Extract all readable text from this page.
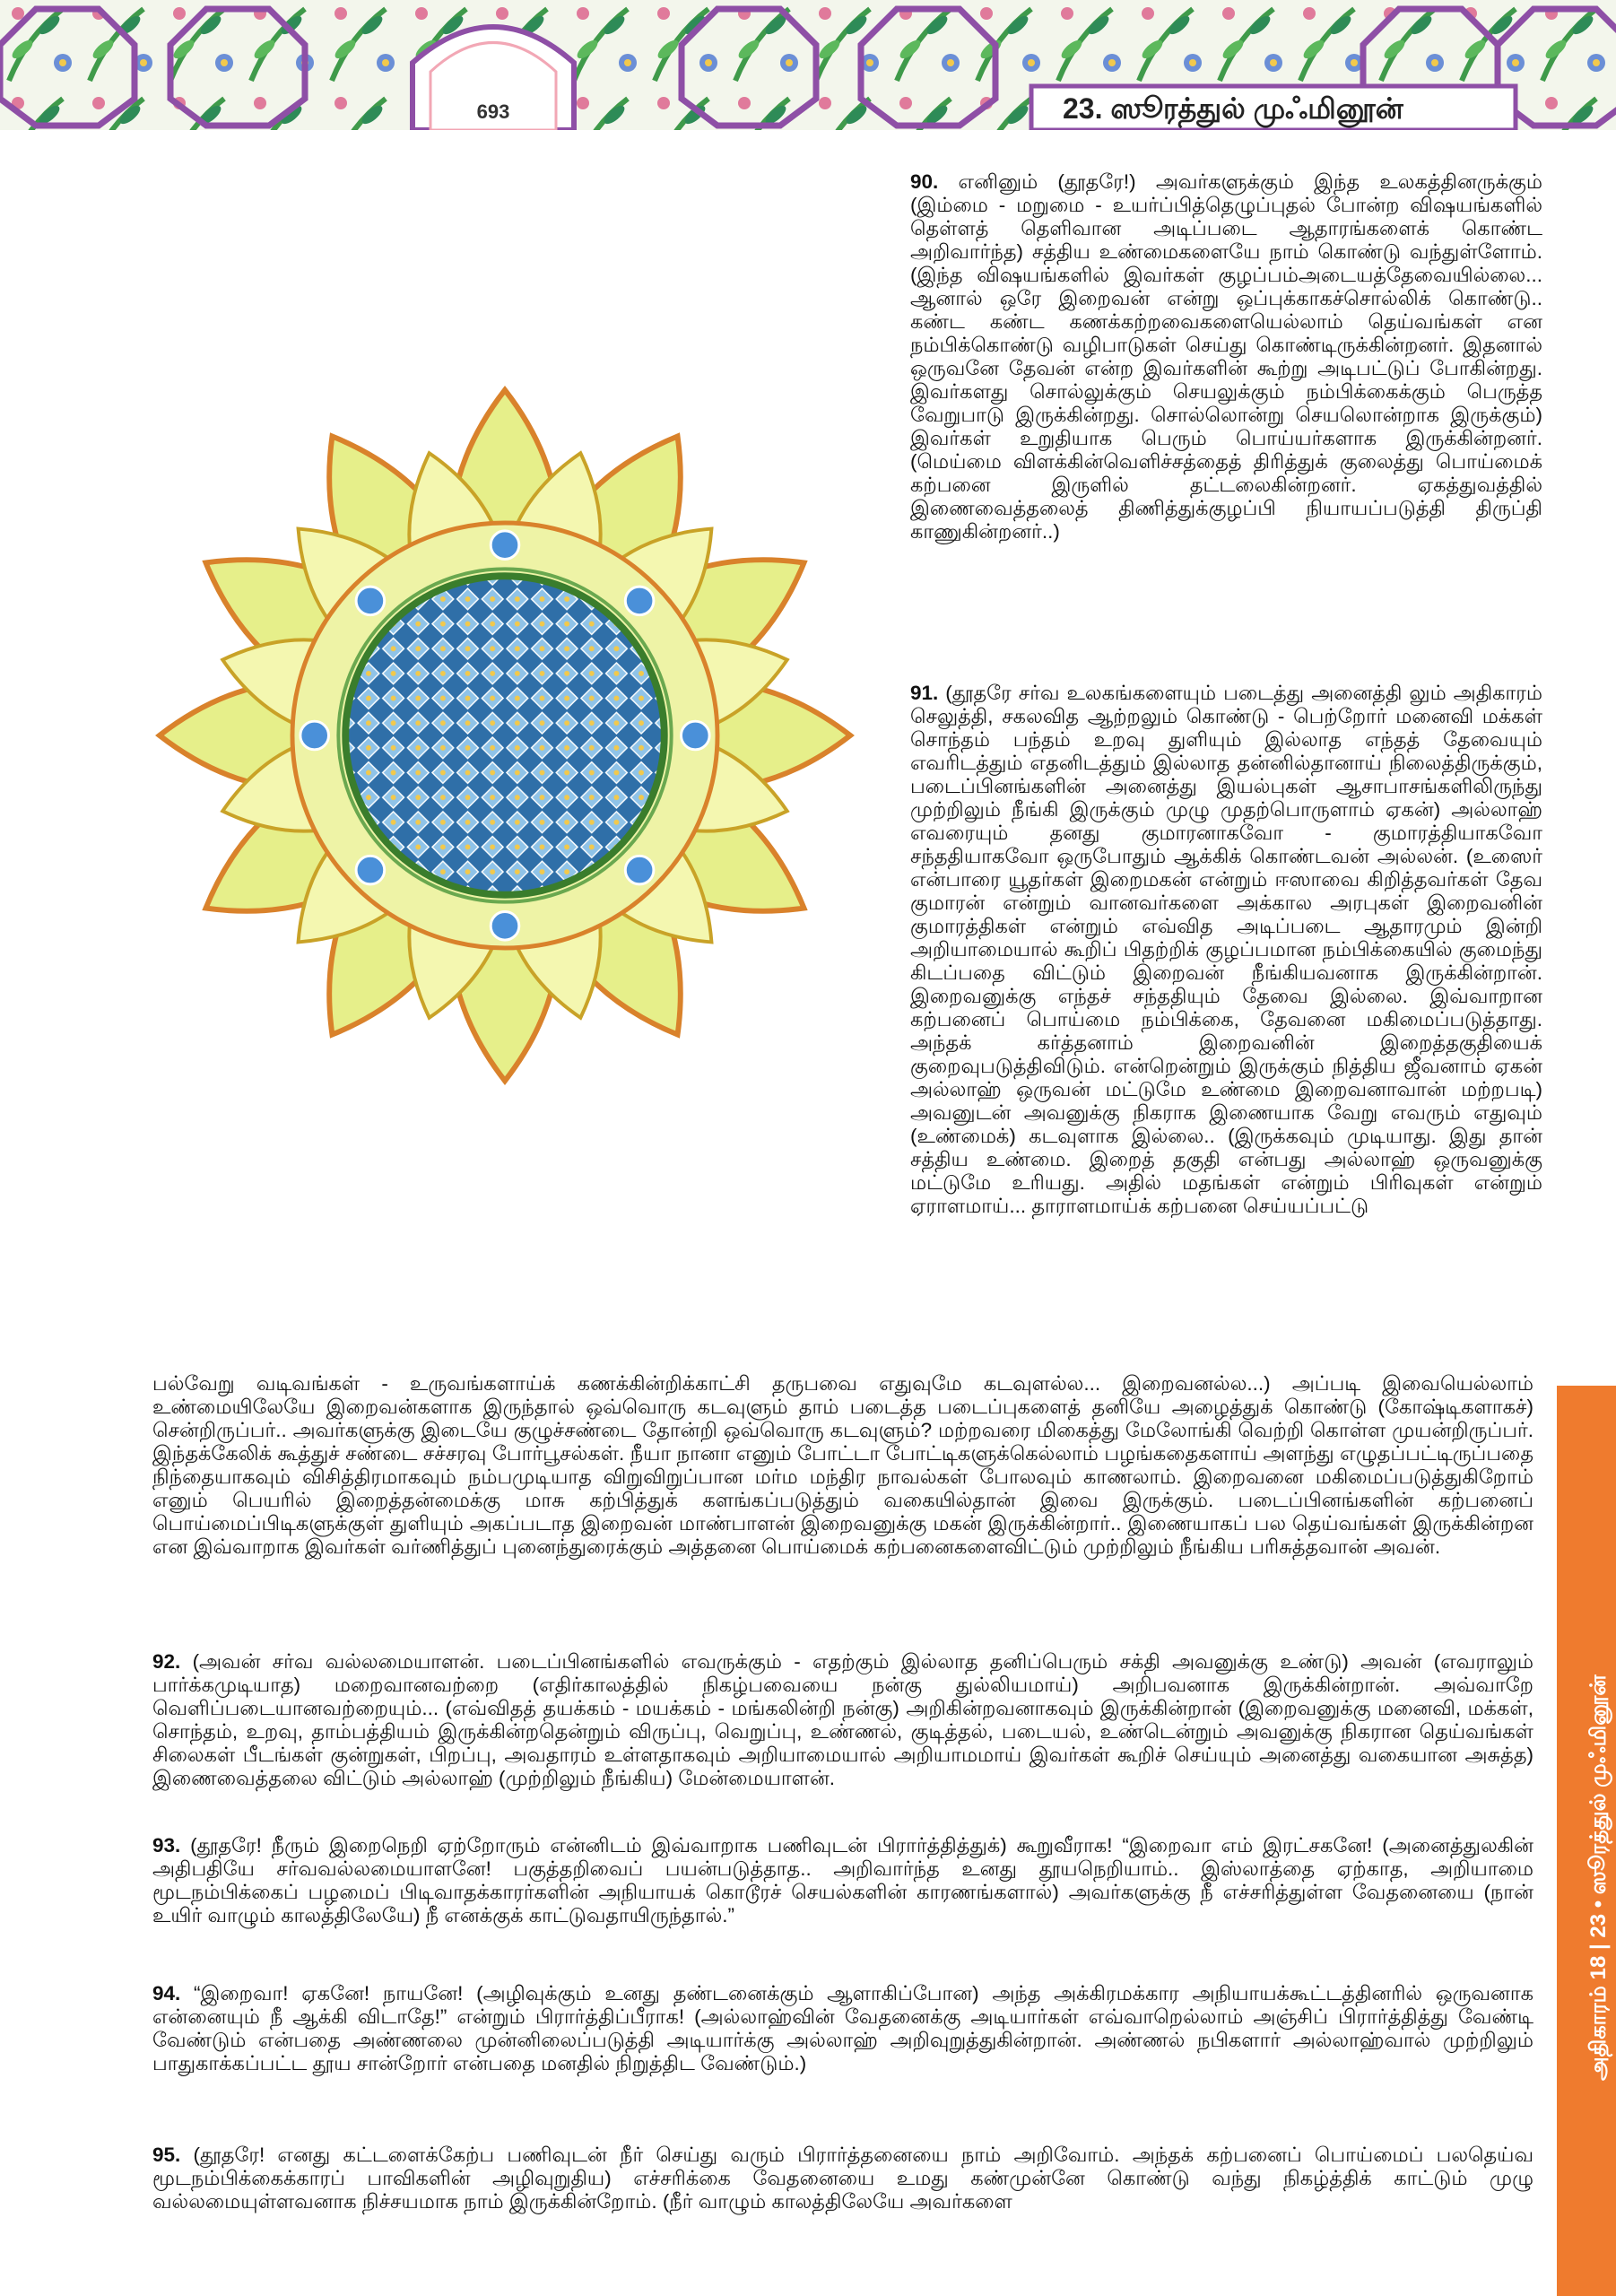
693	23. ஸூரத்துல் முஃமினூன்
அதிகாரம் 18 | 23 • ஸூரத்துல் முஃமினூன்

90. எனினும் (தூதரே!) அவர்களுக்கும் இந்த உலகத்தினருக்கும் (இம்மை - மறுமை - உயர்ப்பித்தெழுப்புதல் போன்ற விஷயங்களில் தெள்ளத் தெளிவான அடிப்படை ஆதாரங்களைக் கொண்ட அறிவார்ந்த) சத்திய உண்மைகளையே நாம் கொண்டு வந்துள்ளோம். (இந்த விஷயங்களில் இவர்கள் குழப்பம்அடையத்தேவையில்லை... ஆனால் ஒரே இறைவன் என்று ஒப்புக்காகச்சொல்லிக் கொண்டு.. கண்ட கண்ட கணக்கற்றவைகளையெல்லாம் தெய்வங்கள் என நம்பிக்கொண்டு வழிபாடுகள் செய்து கொண்டிருக்கின்றனர். இதனால் ஒருவனே தேவன் என்ற இவர்களின் கூற்று அடிபட்டுப் போகின்றது. இவர்களது சொல்லுக்கும் செயலுக்கும் நம்பிக்கைக்கும் பெருத்த வேறுபாடு இருக்கின்றது. சொல்லொன்று செயலொன்றாக இருக்கும்) இவர்கள் உறுதியாக பெரும் பொய்யர்களாக இருக்கின்றனர். (மெய்மை விளக்கின்வெளிச்சத்தைத் திரித்துக் குலைத்து பொய்மைக் கற்பனை இருளில் தட்டலைகின்றனர். ஏகத்துவத்தில் இணைவைத்தலைத் திணித்துக்குழப்பி நியாயப்படுத்தி திருப்தி காணுகின்றனர்..)

91. (தூதரே சர்வ உலகங்களையும் படைத்து அனைத்தி லும் அதிகாரம் செலுத்தி, சகலவித ஆற்றலும் கொண்டு - பெற்றோர் மனைவி மக்கள் சொந்தம் பந்தம் உறவு துளியும் இல்லாத எந்தத் தேவையும் எவரிடத்தும் எதனிடத்தும் இல்லாத தன்னில்தானாய் நிலைத்திருக்கும், படைப்பினங்களின் அனைத்து இயல்புகள் ஆசாபாசங்களிலிருந்து முற்றிலும் நீங்கி இருக்கும் முழு முதற்பொருளாம் ஏகன்) அல்லாஹ் எவரையும் தனது குமாரனாகவோ - குமாரத்தியாகவோ சந்ததியாகவோ ஒருபோதும் ஆக்கிக் கொண்டவன் அல்லன். (உஸைர் என்பாரை யூதர்கள் இறைமகன் என்றும் ஈஸாவை கிறித்தவர்கள் தேவ குமாரன் என்றும் வானவர்களை அக்கால அரபுகள் இறைவனின் குமாரத்திகள் என்றும் எவ்வித அடிப்படை ஆதாரமும் இன்றி அறியாமையால் கூறிப் பிதற்றிக் குழப்பமான நம்பிக்கையில் குமைந்து கிடப்பதை விட்டும் இறைவன் நீங்கியவனாக இருக்கின்றான். இறைவனுக்கு எந்தச் சந்ததியும் தேவை இல்லை. இவ்வாறான கற்பனைப் பொய்மை நம்பிக்கை, தேவனை மகிமைப்படுத்தாது. அந்தக் கர்த்தனாம் இறைவனின் இறைத்தகுதியைக் குறைவுபடுத்திவிடும். என்றென்றும் இருக்கும் நித்திய ஜீவனாம் ஏகன் அல்லாஹ் ஒருவன் மட்டுமே உண்மை இறைவனாவான் மற்றபடி) அவனுடன் அவனுக்கு நிகராக இணையாக வேறு எவரும் எதுவும் (உண்மைக்) கடவுளாக இல்லை.. (இருக்கவும் முடியாது. இது தான் சத்திய உண்மை. இறைத் தகுதி என்பது அல்லாஹ் ஒருவனுக்கு மட்டுமே உரியது. அதில் மதங்கள் என்றும் பிரிவுகள் என்றும் ஏராளமாய்... தாராளமாய்க் கற்பனை செய்யப்பட்டு

பல்வேறு வடிவங்கள் - உருவங்களாய்க் கணக்கின்றிக்காட்சி தருபவை எதுவுமே கடவுளல்ல... இறைவனல்ல...) அப்படி இவையெல்லாம் உண்மையிலேயே இறைவன்களாக இருந்தால் ஒவ்வொரு கடவுளும் தாம் படைத்த படைப்புகளைத் தனியே அழைத்துக் கொண்டு (கோஷ்டிகளாகச்) சென்றிருப்பர்.. அவர்களுக்கு இடையே குழுச்சண்டை தோன்றி ஒவ்வொரு கடவுளும்? மற்றவரை மிகைத்து மேலோங்கி வெற்றி கொள்ள முயன்றிருப்பர். இந்தக்கேலிக் கூத்துச் சண்டை சச்சரவு போர்பூசல்கள். நீயா நானா எனும் போட்டா போட்டிகளுக்கெல்லாம் பழங்கதைகளாய் அளந்து எழுதப்பட்டிருப்பதை நிந்தையாகவும் விசித்திரமாகவும் நம்பமுடியாத விறுவிறுப்பான மர்ம மந்திர நாவல்கள் போலவும் காணலாம். இறைவனை மகிமைப்படுத்துகிறோம் எனும் பெயரில் இறைத்தன்மைக்கு மாசு கற்பித்துக் களங்கப்படுத்தும் வகையில்தான் இவை இருக்கும். படைப்பினங்களின் கற்பனைப் பொய்மைப்பிடிகளுக்குள் துளியும் அகப்படாத இறைவன் மாண்பாளன் இறைவனுக்கு மகன் இருக்கின்றார்.. இணையாகப் பல தெய்வங்கள் இருக்கின்றன என இவ்வாறாக இவர்கள் வர்ணித்துப் புனைந்துரைக்கும் அத்தனை பொய்மைக் கற்பனைகளைவிட்டும் முற்றிலும் நீங்கிய பரிசுத்தவான் அவன்.

92. (அவன் சர்வ வல்லமையாளன். படைப்பினங்களில் எவருக்கும் - எதற்கும் இல்லாத தனிப்பெரும் சக்தி அவனுக்கு உண்டு) அவன் (எவராலும் பார்க்கமுடியாத) மறைவானவற்றை (எதிர்காலத்தில் நிகழ்பவையை நன்கு துல்லியமாய்) அறிபவனாக இருக்கின்றான். அவ்வாறே வெளிப்படையானவற்றையும்... (எவ்விதத் தயக்கம் - மயக்கம் - மங்கலின்றி நன்கு) அறிகின்றவனாகவும் இருக்கின்றான் (இறைவனுக்கு மனைவி, மக்கள், சொந்தம், உறவு, தாம்பத்தியம் இருக்கின்றதென்றும் விருப்பு, வெறுப்பு, உண்ணல், குடித்தல், படையல், உண்டென்றும் அவனுக்கு நிகரான தெய்வங்கள் சிலைகள் பீடங்கள் குன்றுகள், பிறப்பு, அவதாரம் உள்ளதாகவும் அறியாமையால் அறியாமமாய் இவர்கள் கூறிச் செய்யும் அனைத்து வகையான அசுத்த) இணைவைத்தலை விட்டும் அல்லாஹ் (முற்றிலும் நீங்கிய) மேன்மையாளன்.

93. (தூதரே! நீரும் இறைநெறி ஏற்றோரும் என்னிடம் இவ்வாறாக பணிவுடன் பிரார்த்தித்துக்) கூறுவீராக! “இறைவா எம் இரட்சகனே! (அனைத்துலகின் அதிபதியே சர்வவல்லமையாளனே! பகுத்தறிவைப் பயன்படுத்தாத.. அறிவார்ந்த உனது தூயநெறியாம்.. இஸ்லாத்தை ஏற்காத, அறியாமை மூடநம்பிக்கைப் பழமைப் பிடிவாதக்காரர்களின் அநியாயக் கொடூரச் செயல்களின் காரணங்களால்) அவர்களுக்கு நீ எச்சரித்துள்ள வேதனையை (நான் உயிர் வாழும் காலத்திலேயே) நீ எனக்குக் காட்டுவதாயிருந்தால்.”

94. “இறைவா! ஏகனே! நாயனே! (அழிவுக்கும் உனது தண்டனைக்கும் ஆளாகிப்போன) அந்த அக்கிரமக்கார அநியாயக்கூட்டத்தினரில் ஒருவனாக என்னையும் நீ ஆக்கி விடாதே!” என்றும் பிரார்த்திப்பீராக! (அல்லாஹ்வின் வேதனைக்கு அடியார்கள் எவ்வாறெல்லாம் அஞ்சிப் பிரார்த்தித்து வேண்டி வேண்டும் என்பதை அண்ணலை முன்னிலைப்படுத்தி அடியார்க்கு அல்லாஹ் அறிவுறுத்துகின்றான். அண்ணல் நபிகளார் அல்லாஹ்வால் முற்றிலும் பாதுகாக்கப்பட்ட தூய சான்றோர் என்பதை மனதில் நிறுத்திட வேண்டும்.)

95. (தூதரே! எனது கட்டளைக்கேற்ப பணிவுடன் நீர் செய்து வரும் பிரார்த்தனையை நாம் அறிவோம். அந்தக் கற்பனைப் பொய்மைப் பலதெய்வ மூடநம்பிக்கைக்காரப் பாவிகளின் அழிவுறுதிய) எச்சரிக்கை வேதனையை உமது கண்முன்னே கொண்டு வந்து நிகழ்த்திக் காட்டும் முழு வல்லமையுள்ளவனாக நிச்சயமாக நாம் இருக்கின்றோம். (நீர் வாழும் காலத்திலேயே அவர்களை
